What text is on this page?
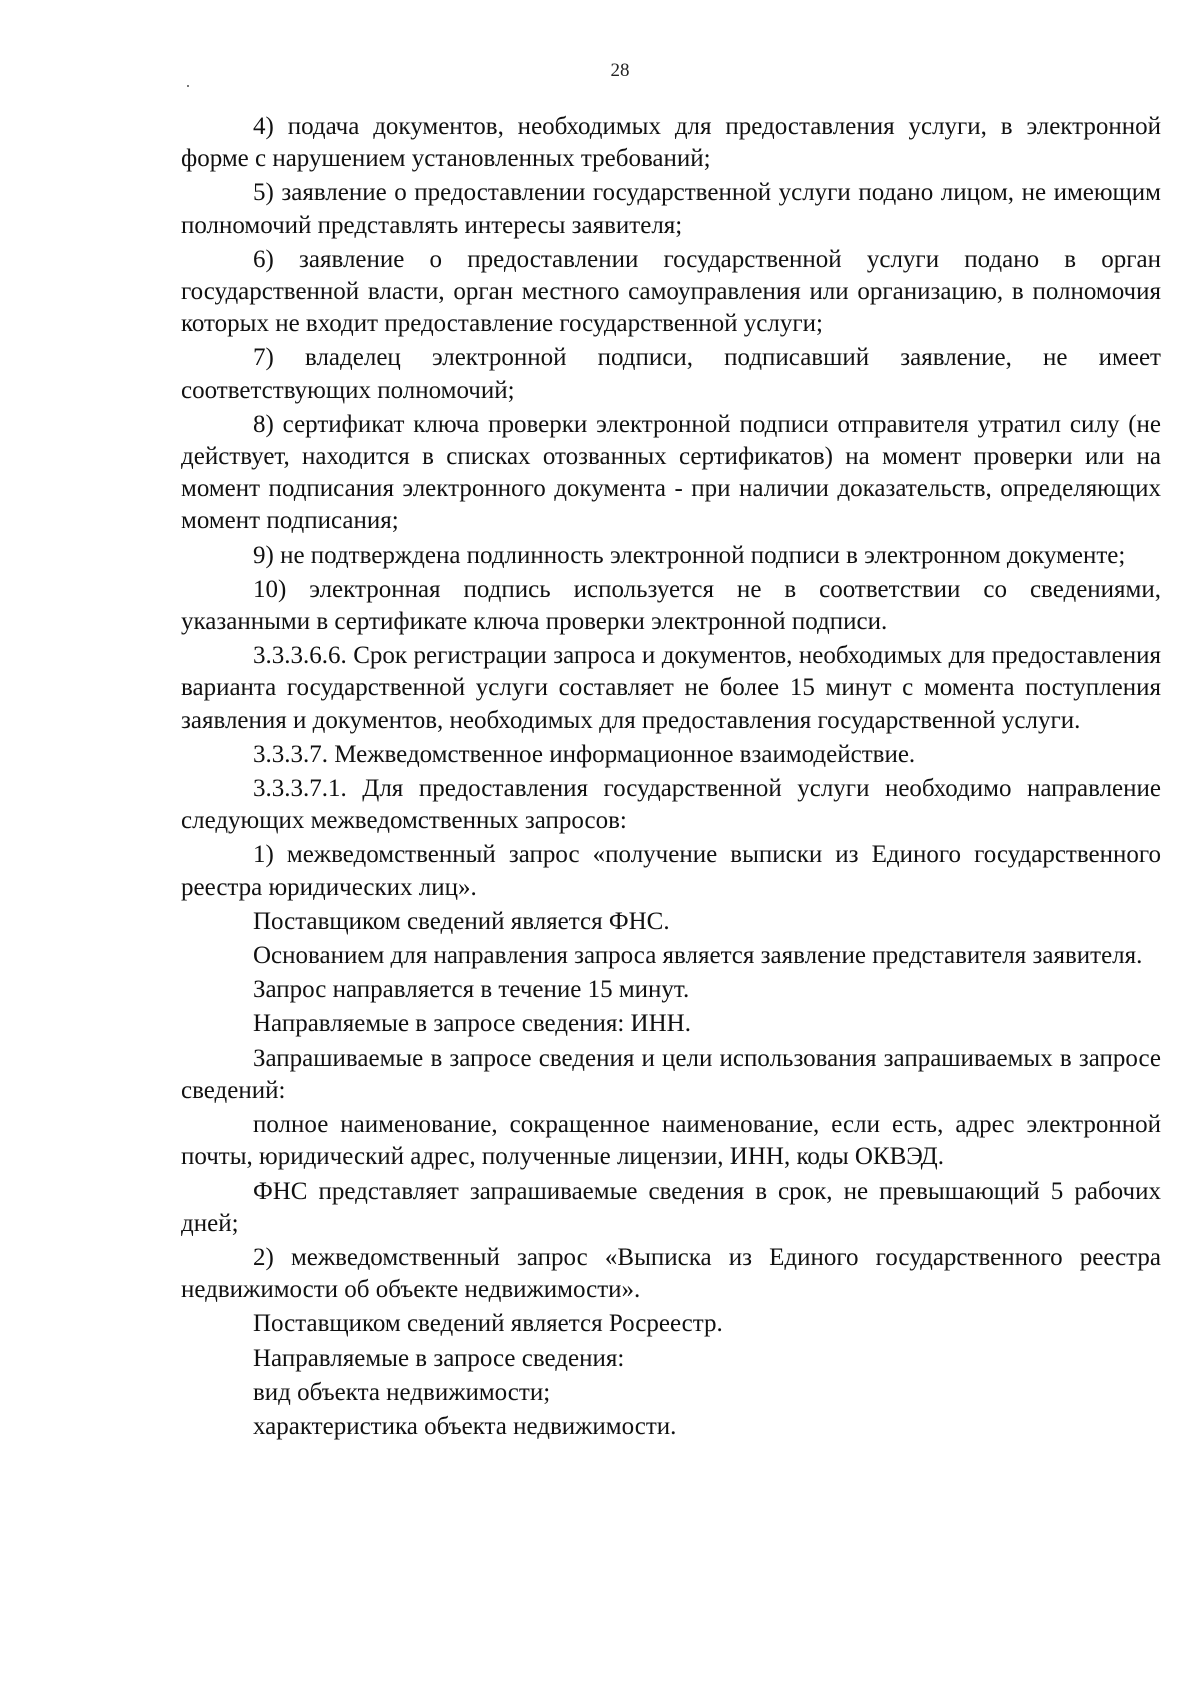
28

4) подача документов, необходимых для предоставления услуги, в электронной форме с нарушением установленных требований;

5) заявление о предоставлении государственной услуги подано лицом, не имеющим полномочий представлять интересы заявителя;

6) заявление о предоставлении государственной услуги подано в орган государственной власти, орган местного самоуправления или организацию, в полномочия которых не входит предоставление государственной услуги;

7) владелец электронной подписи, подписавший заявление, не имеет соответствующих полномочий;

8) сертификат ключа проверки электронной подписи отправителя утратил силу (не действует, находится в списках отозванных сертификатов) на момент проверки или на момент подписания электронного документа - при наличии доказательств, определяющих момент подписания;

9) не подтверждена подлинность электронной подписи в электронном документе;

10) электронная подпись используется не в соответствии со сведениями, указанными в сертификате ключа проверки электронной подписи.

3.3.3.6.6. Срок регистрации запроса и документов, необходимых для предоставления варианта государственной услуги составляет не более 15 минут с момента поступления заявления и документов, необходимых для предоставления государственной услуги.

3.3.3.7. Межведомственное информационное взаимодействие.

3.3.3.7.1. Для предоставления государственной услуги необходимо направление следующих межведомственных запросов:

1) межведомственный запрос «получение выписки из Единого государственного реестра юридических лиц».

Поставщиком сведений является ФНС.

Основанием для направления запроса является заявление представителя заявителя.

Запрос направляется в течение 15 минут.

Направляемые в запросе сведения: ИНН.

Запрашиваемые в запросе сведения и цели использования запрашиваемых в запросе сведений:

полное наименование, сокращенное наименование, если есть, адрес электронной почты, юридический адрес, полученные лицензии, ИНН, коды ОКВЭД.

ФНС представляет запрашиваемые сведения в срок, не превышающий 5 рабочих дней;

2) межведомственный запрос «Выписка из Единого государственного реестра недвижимости об объекте недвижимости».

Поставщиком сведений является Росреестр.

Направляемые в запросе сведения:

вид объекта недвижимости;

характеристика объекта недвижимости.
